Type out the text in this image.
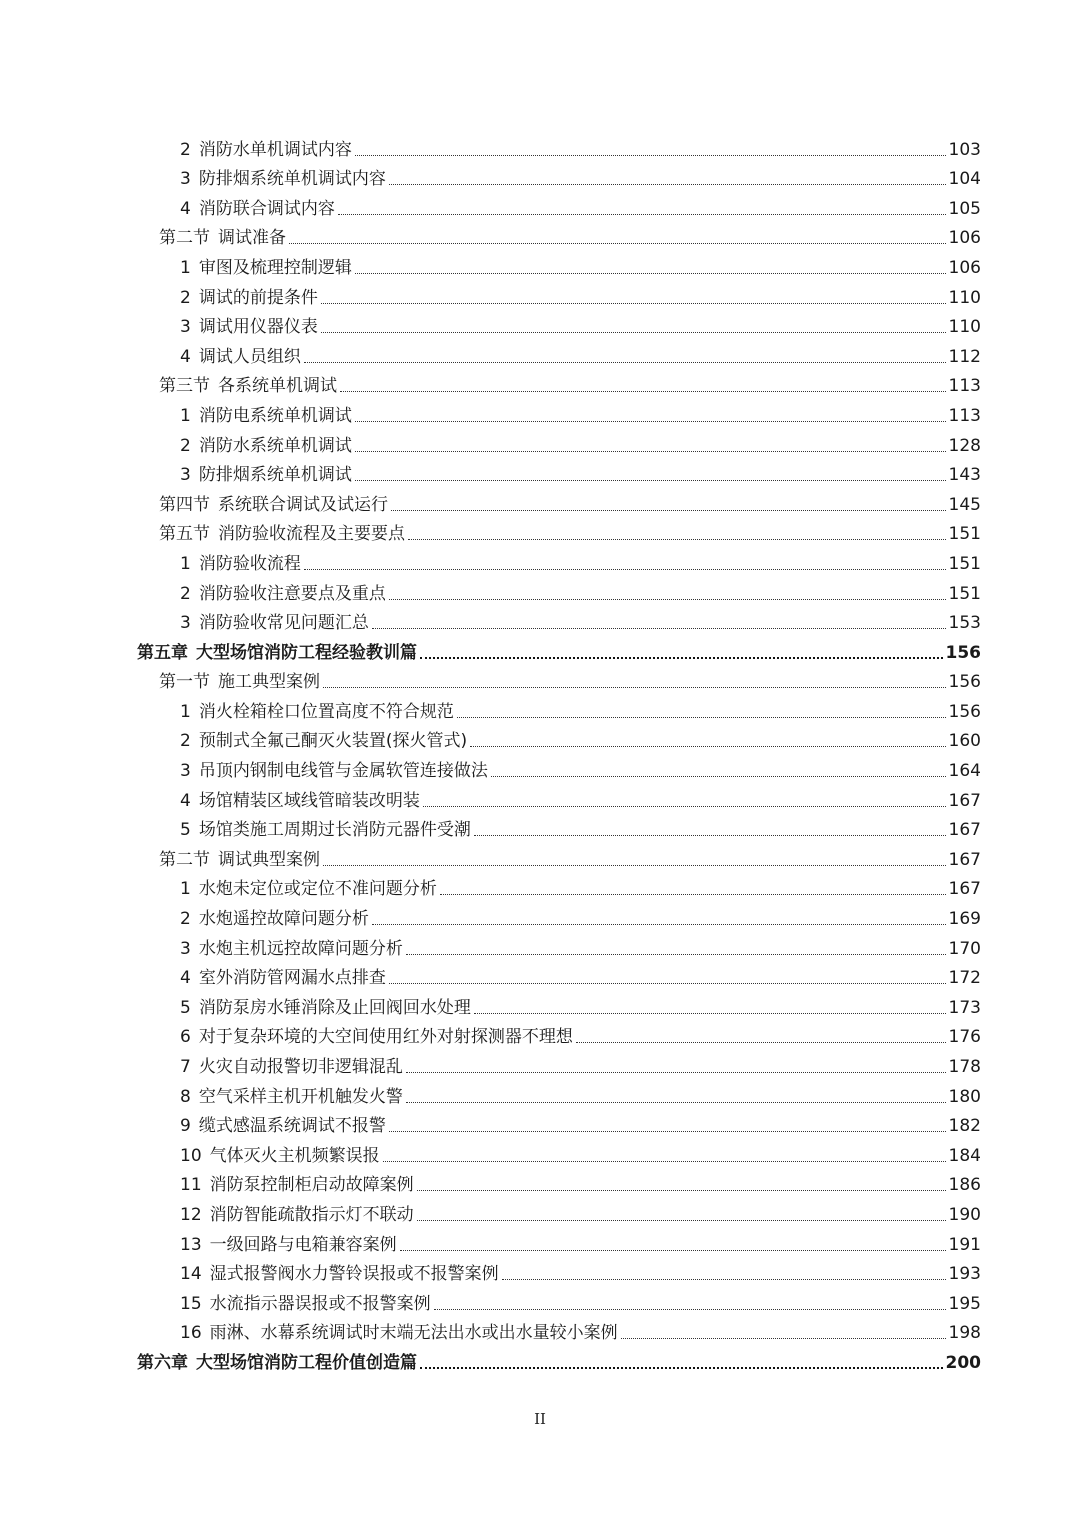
2 消防水单机调试内容	103
3 防排烟系统单机调试内容	104
4 消防联合调试内容	105
第二节 调试准备	106
1 审图及梳理控制逻辑	106
2 调试的前提条件	110
3 调试用仪器仪表	110
4 调试人员组织	112
第三节 各系统单机调试	113
1 消防电系统单机调试	113
2 消防水系统单机调试	128
3 防排烟系统单机调试	143
第四节 系统联合调试及试运行	145
第五节 消防验收流程及主要要点	151
1 消防验收流程	151
2 消防验收注意要点及重点	151
3 消防验收常见问题汇总	153
第五章 大型场馆消防工程经验教训篇	156
第一节 施工典型案例	156
1 消火栓箱栓口位置高度不符合规范	156
2 预制式全氟己酮灭火装置(探火管式)	160
3 吊顶内钢制电线管与金属软管连接做法	164
4 场馆精装区域线管暗装改明装	167
5 场馆类施工周期过长消防元器件受潮	167
第二节 调试典型案例	167
1 水炮未定位或定位不准问题分析	167
2 水炮遥控故障问题分析	169
3 水炮主机远控故障问题分析	170
4 室外消防管网漏水点排查	172
5 消防泵房水锤消除及止回阀回水处理	173
6 对于复杂环境的大空间使用红外对射探测器不理想	176
7 火灾自动报警切非逻辑混乱	178
8 空气采样主机开机触发火警	180
9 缆式感温系统调试不报警	182
10 气体灭火主机频繁误报	184
11 消防泵控制柜启动故障案例	186
12 消防智能疏散指示灯不联动	190
13 一级回路与电箱兼容案例	191
14 湿式报警阀水力警铃误报或不报警案例	193
15 水流指示器误报或不报警案例	195
16 雨淋、水幕系统调试时末端无法出水或出水量较小案例	198
第六章 大型场馆消防工程价值创造篇	200
II
